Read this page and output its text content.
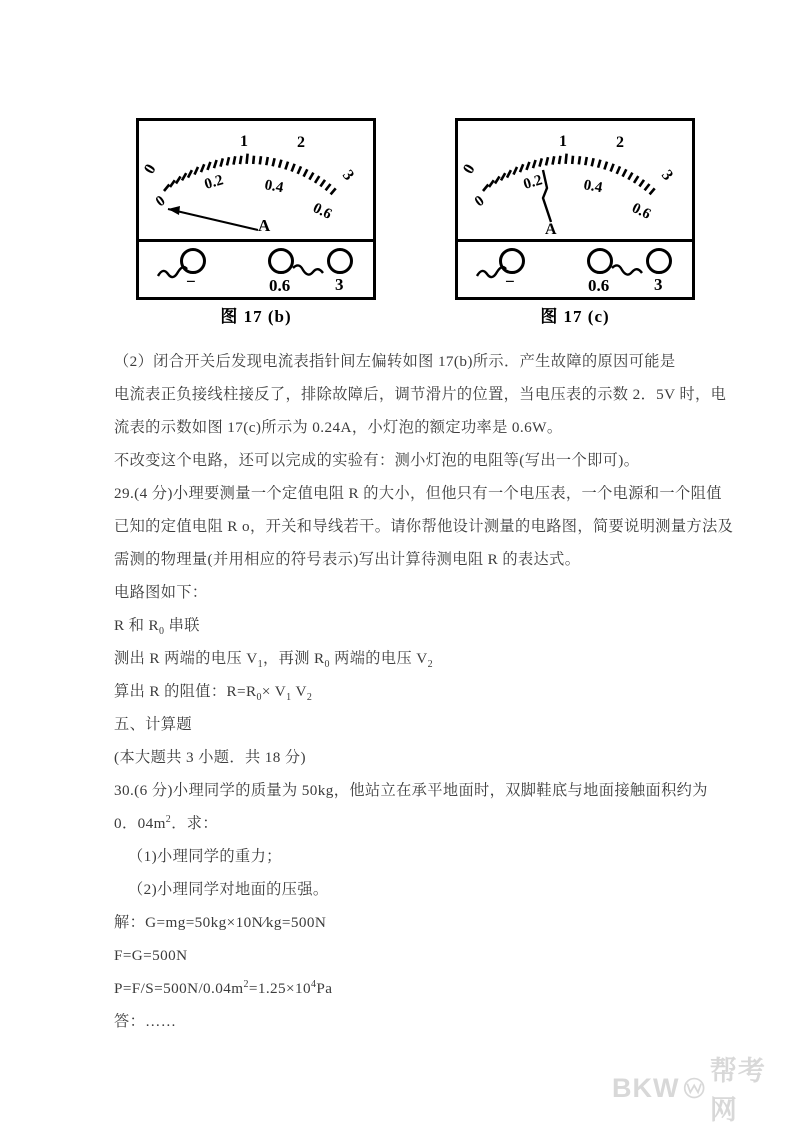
0
1	2
3
0
0.2	0.4
0.6
A
−	0.6	3
图 17 (b)
0
1	2
3
0
0.2	0.4
0.6
A
−	0.6	3
图 17 (c)
（2）闭合开关后发现电流表指针间左偏转如图 17(b)所示．产生故障的原因可能是
电流表正负接线柱接反了，排除故障后，调节滑片的位置，当电压表的示数 2．5V 时，电
流表的示数如图 17(c)所示为 0.24A，小灯泡的额定功率是 0.6W。
不改变这个电路，还可以完成的实验有：测小灯泡的电阻等(写出一个即可)。
29.(4 分)小理要测量一个定值电阻 R 的大小，但他只有一个电压表，一个电源和一个阻值
已知的定值电阻 R o，开关和导线若干。请你帮他设计测量的电路图，简要说明测量方法及
需测的物理量(并用相应的符号表示)写出计算待测电阻 R 的表达式。
电路图如下：
R 和 $R_0$ 串联
测出 R 两端的电压 $V_1$，再测 $R_0$ 两端的电压 $V_2$
算出 R 的阻值：$R=R_0\times V_1$ $V_2$
五、计算题
(本大题共 3 小题．共 18 分)
30.(6 分)小理同学的质量为 50kg，他站立在承平地面时，双脚鞋底与地面接触面积约为
0．$04m^2$．求：
（1)小理同学的重力；
（2)小理同学对地面的压强。
解：G=mg=50kg×10N∕kg=500N
F=G=500N
$P=F/S=500N/0.04m^2=1.25\times 10^4Pa$
答：……
BKW
帮考网
